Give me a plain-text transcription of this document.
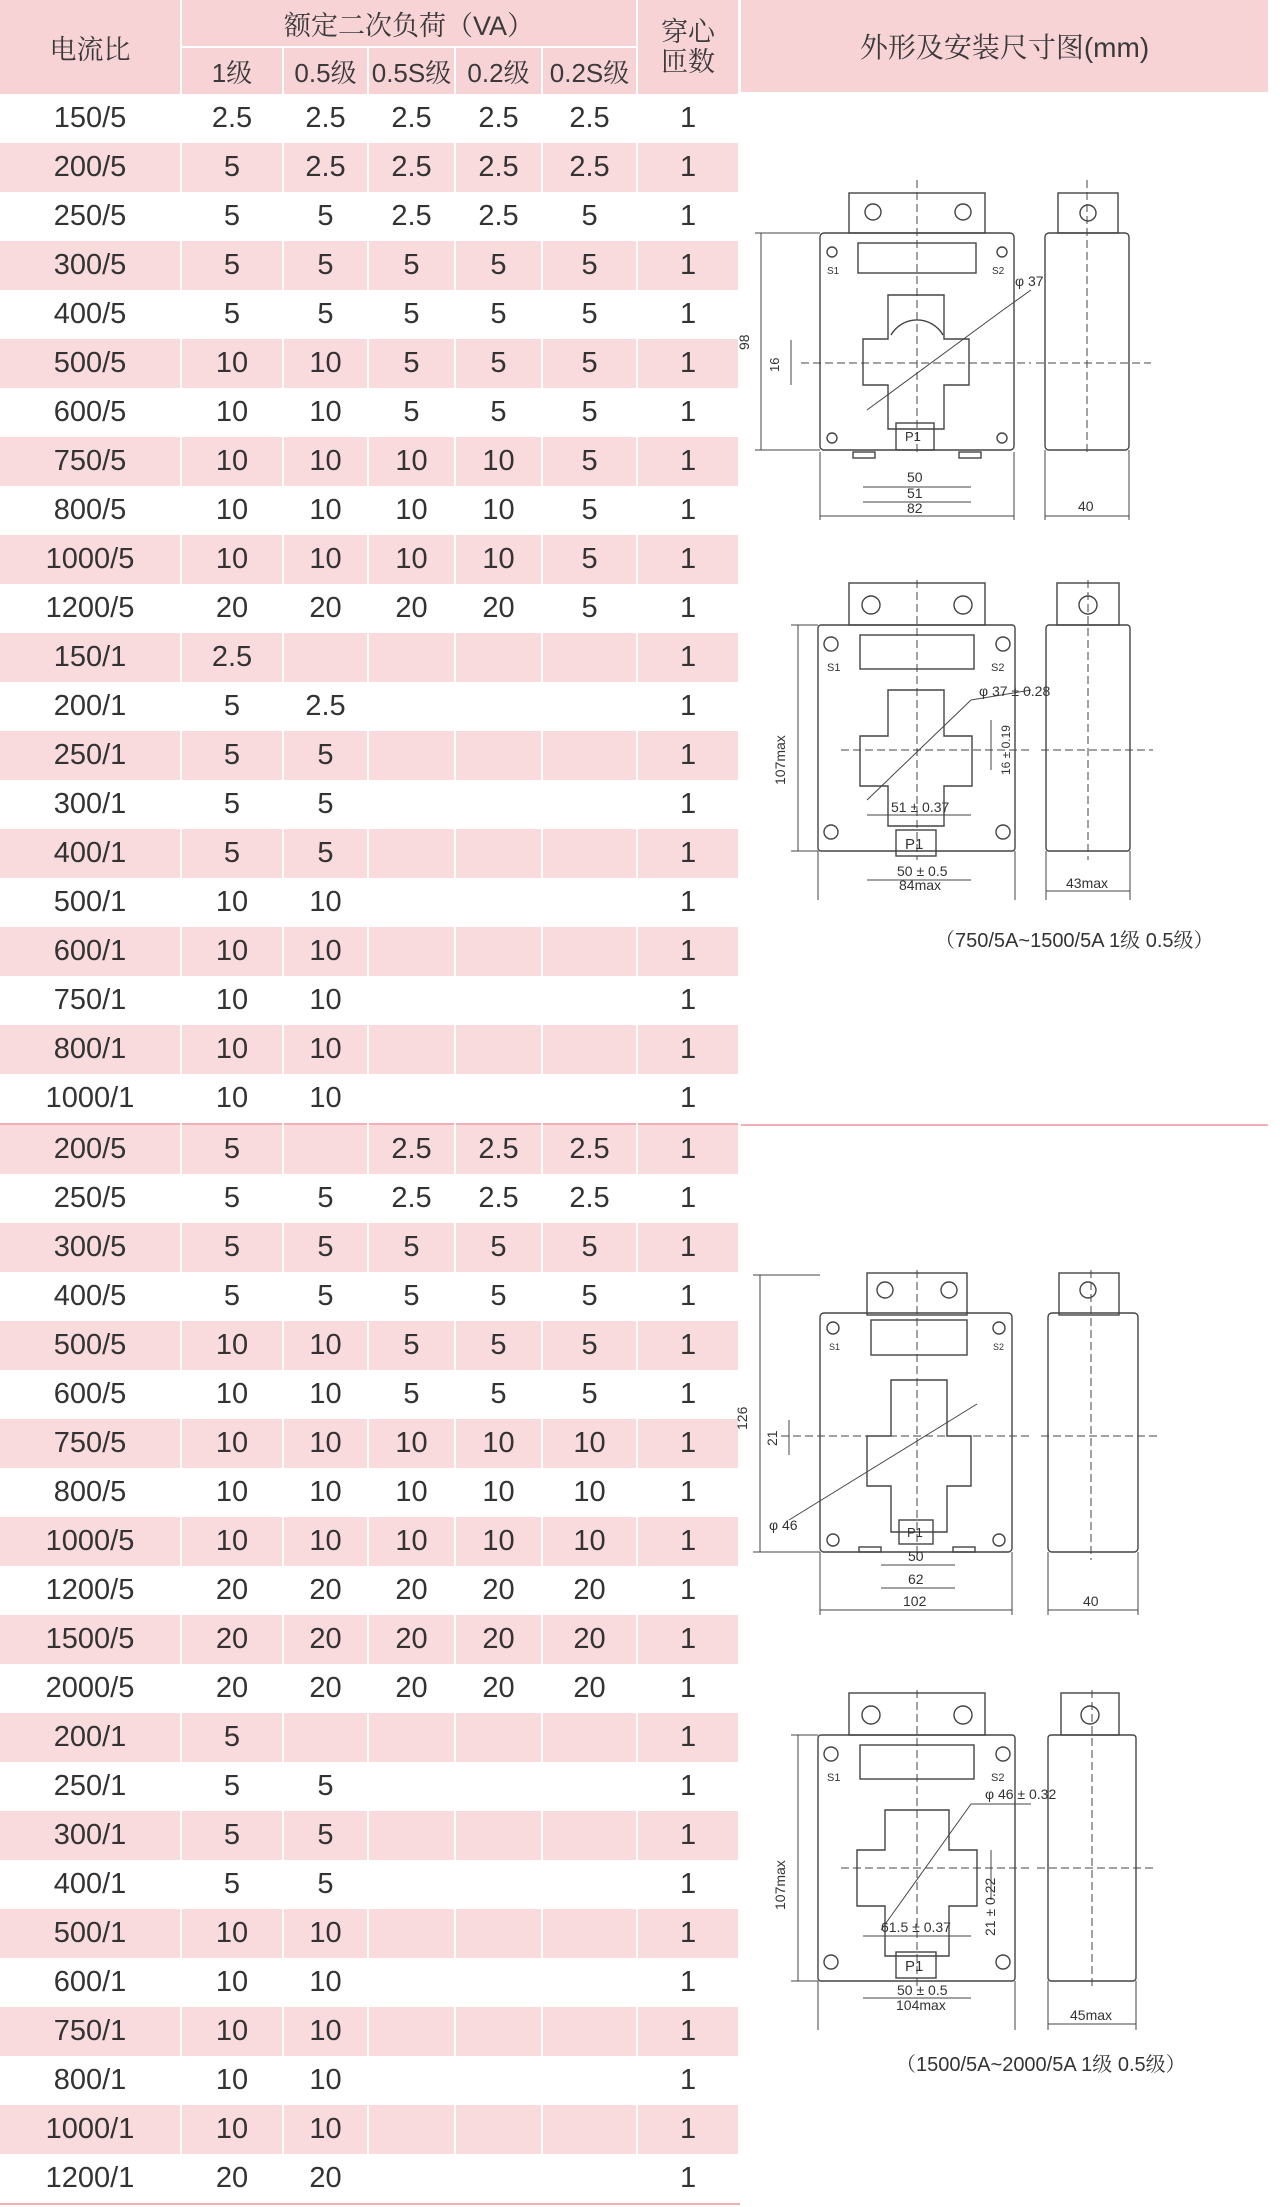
电流比	额定二次负荷（VA）					穿心
匝数
	1级	0.5级	0.5S级	0.2级	0.2S级	
150/5	2.5	2.5	2.5	2.5	2.5	1
200/5	5	2.5	2.5	2.5	2.5	1
250/5	5	5	2.5	2.5	5	1
300/5	5	5	5	5	5	1
400/5	5	5	5	5	5	1
500/5	10	10	5	5	5	1
600/5	10	10	5	5	5	1
750/5	10	10	10	10	5	1
800/5	10	10	10	10	5	1
1000/5	10	10	10	10	5	1
1200/5	20	20	20	20	5	1
150/1	2.5					1
200/1	5	2.5				1
250/1	5	5				1
300/1	5	5				1
400/1	5	5				1
500/1	10	10				1
600/1	10	10				1
750/1	10	10				1
800/1	10	10				1
1000/1	10	10				1
200/5	5		2.5	2.5	2.5	1
250/5	5	5	2.5	2.5	2.5	1
300/5	5	5	5	5	5	1
400/5	5	5	5	5	5	1
500/5	10	10	5	5	5	1
600/5	10	10	5	5	5	1
750/5	10	10	10	10	10	1
800/5	10	10	10	10	10	1
1000/5	10	10	10	10	10	1
1200/5	20	20	20	20	20	1
1500/5	20	20	20	20	20	1
2000/5	20	20	20	20	20	1
200/1	5					1
250/1	5	5				1
300/1	5	5				1
400/1	5	5				1
500/1	10	10				1
600/1	10	10				1
750/1	10	10				1
800/1	10	10				1
1000/1	10	10				1
1200/1	20	20				1
外形及安装尺寸图(mm)
98
16
φ 37
S1	S2
P1
50
51
82	40
107max	16 ± 0.19
φ 37 ± 0.28
S1	S2
P1
51 ± 0.37
50 ± 0.5
84max	43max
（750/5A~1500/5A 1级 0.5级）
126
21
φ 46
S1	S2
P1
50
62
102	40
107max	21 ± 0.22
φ 46 ± 0.32
S1	S2
P1
61.5 ± 0.37
50 ± 0.5
104max
45max
（1500/5A~2000/5A 1级 0.5级）
